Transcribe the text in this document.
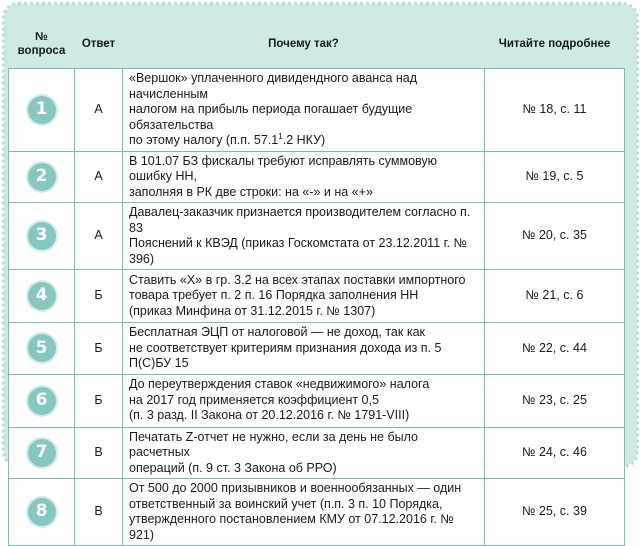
№
вопроса	Ответ	Почему так?	Читайте подробнее
1	А	«Вершок» уплаченного дивидендного аванса над начисленным
налогом на прибыль периода погашает будущие обязательства
по этому налогу (п.п. 57.1$^1$.2 НКУ)	№ 18, с. 11
2	А	В 101.07 БЗ фискалы требуют исправлять суммовую ошибку НН,
заполняя в РК две строки: на «-» и на «+»	№ 19, с. 5
3	А	Давалец-заказчик признается производителем согласно п. 83
Пояснений к КВЭД (приказ Госкомстата от 23.12.2011 г. № 396)	№ 20, с. 35
4	Б	Ставить «Х» в гр. 3.2 на всех этапах поставки импортного
товара требует п. 2 п. 16 Порядка заполнения НН
(приказ Минфина от 31.12.2015 г. № 1307)	№ 21, с. 6
5	Б	Бесплатная ЭЦП от налоговой — не доход, так как
не соответствует критериям признания дохода из п. 5 П(С)БУ 15	№ 22, с. 44
6	Б	До переутверждения ставок «недвижимого» налога
на 2017 год применяется коэффициент 0,5
(п. 3 разд. II Закона от 20.12.2016 г. № 1791-VIII)	№ 23, с. 25
7	В	Печатать Z-отчет не нужно, если за день не было расчетных
операций (п. 9 ст. 3 Закона об РРО)	№ 24, с. 46
8	В	От 500 до 2000 призывников и военнообязанных — один
ответственный за воинский учет (п.п. 3 п. 10 Порядка,
утвержденного постановлением КМУ от 07.12.2016 г. № 921)	№ 25, с. 39
